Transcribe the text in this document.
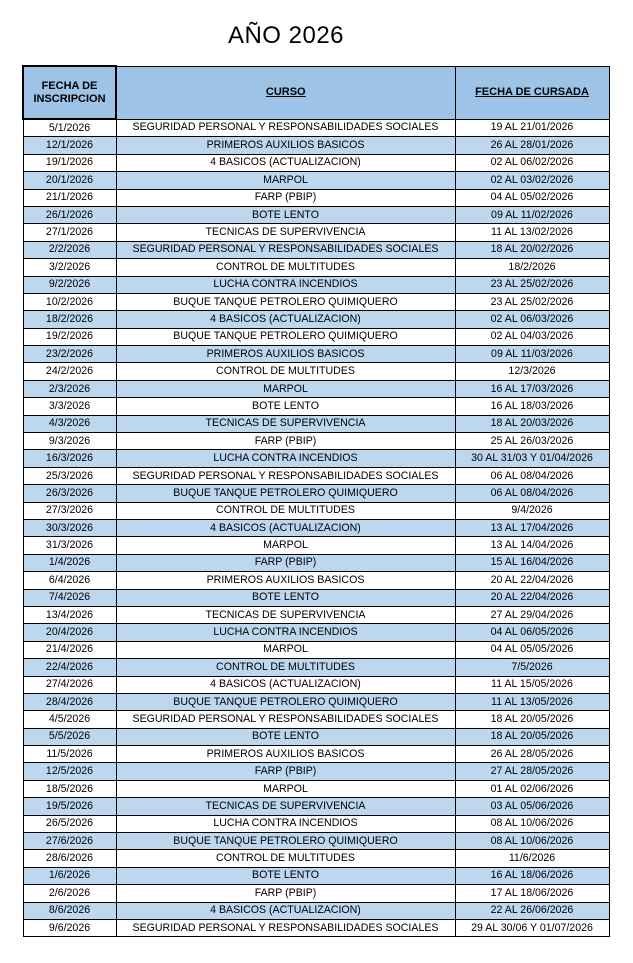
AÑO 2026
FECHA DE INSCRIPCION	CURSO	FECHA DE CURSADA
5/1/2026	SEGURIDAD PERSONAL Y RESPONSABILIDADES SOCIALES	19 AL 21/01/2026
12/1/2026	PRIMEROS AUXILIOS BASICOS	26 AL 28/01/2026
19/1/2026	4 BASICOS (ACTUALIZACION)	02 AL 06/02/2026
20/1/2026	MARPOL	02 AL 03/02/2026
21/1/2026	FARP (PBIP)	04 AL 05/02/2026
26/1/2026	BOTE LENTO	09 AL 11/02/2026
27/1/2026	TECNICAS DE SUPERVIVENCIA	11 AL 13/02/2026
2/2/2026	SEGURIDAD PERSONAL Y RESPONSABILIDADES SOCIALES	18 AL 20/02/2026
3/2/2026	CONTROL DE MULTITUDES	18/2/2026
9/2/2026	LUCHA CONTRA INCENDIOS	23 AL 25/02/2026
10/2/2026	BUQUE TANQUE PETROLERO QUIMIQUERO	23 AL 25/02/2026
18/2/2026	4 BASICOS (ACTUALIZACION)	02 AL 06/03/2026
19/2/2026	BUQUE TANQUE PETROLERO QUIMIQUERO	02 AL 04/03/2026
23/2/2026	PRIMEROS AUXILIOS BASICOS	09 AL 11/03/2026
24/2/2026	CONTROL DE MULTITUDES	12/3/2026
2/3/2026	MARPOL	16 AL 17/03/2026
3/3/2026	BOTE LENTO	16 AL 18/03/2026
4/3/2026	TECNICAS DE SUPERVIVENCIA	18 AL 20/03/2026
9/3/2026	FARP (PBIP)	25 AL 26/03/2026
16/3/2026	LUCHA CONTRA INCENDIOS	30 AL 31/03 Y 01/04/2026
25/3/2026	SEGURIDAD PERSONAL Y RESPONSABILIDADES SOCIALES	06 AL 08/04/2026
26/3/2026	BUQUE TANQUE PETROLERO QUIMIQUERO	06 AL 08/04/2026
27/3/2026	CONTROL DE MULTITUDES	9/4/2026
30/3/2026	4 BASICOS (ACTUALIZACION)	13 AL 17/04/2026
31/3/2026	MARPOL	13 AL 14/04/2026
1/4/2026	FARP (PBIP)	15 AL 16/04/2026
6/4/2026	PRIMEROS AUXILIOS BASICOS	20 AL 22/04/2026
7/4/2026	BOTE LENTO	20 AL 22/04/2026
13/4/2026	TECNICAS DE SUPERVIVENCIA	27 AL 29/04/2026
20/4/2026	LUCHA CONTRA INCENDIOS	04 AL 06/05/2026
21/4/2026	MARPOL	04 AL 05/05/2026
22/4/2026	CONTROL DE MULTITUDES	7/5/2026
27/4/2026	4 BASICOS (ACTUALIZACION)	11 AL 15/05/2026
28/4/2026	BUQUE TANQUE PETROLERO QUIMIQUERO	11 AL 13/05/2026
4/5/2026	SEGURIDAD PERSONAL Y RESPONSABILIDADES SOCIALES	18 AL 20/05/2026
5/5/2026	BOTE LENTO	18 AL 20/05/2026
11/5/2026	PRIMEROS AUXILIOS BASICOS	26 AL 28/05/2026
12/5/2026	FARP (PBIP)	27 AL 28/05/2026
18/5/2026	MARPOL	01 AL 02/06/2026
19/5/2026	TECNICAS DE SUPERVIVENCIA	03 AL 05/06/2026
26/5/2026	LUCHA CONTRA INCENDIOS	08 AL 10/06/2026
27/6/2026	BUQUE TANQUE PETROLERO QUIMIQUERO	08 AL 10/06/2026
28/6/2026	CONTROL DE MULTITUDES	11/6/2026
1/6/2026	BOTE LENTO	16 AL 18/06/2026
2/6/2026	FARP (PBIP)	17 AL 18/06/2026
8/6/2026	4 BASICOS (ACTUALIZACION)	22 AL 26/06/2026
9/6/2026	SEGURIDAD PERSONAL Y RESPONSABILIDADES SOCIALES	29 AL 30/06 Y 01/07/2026
